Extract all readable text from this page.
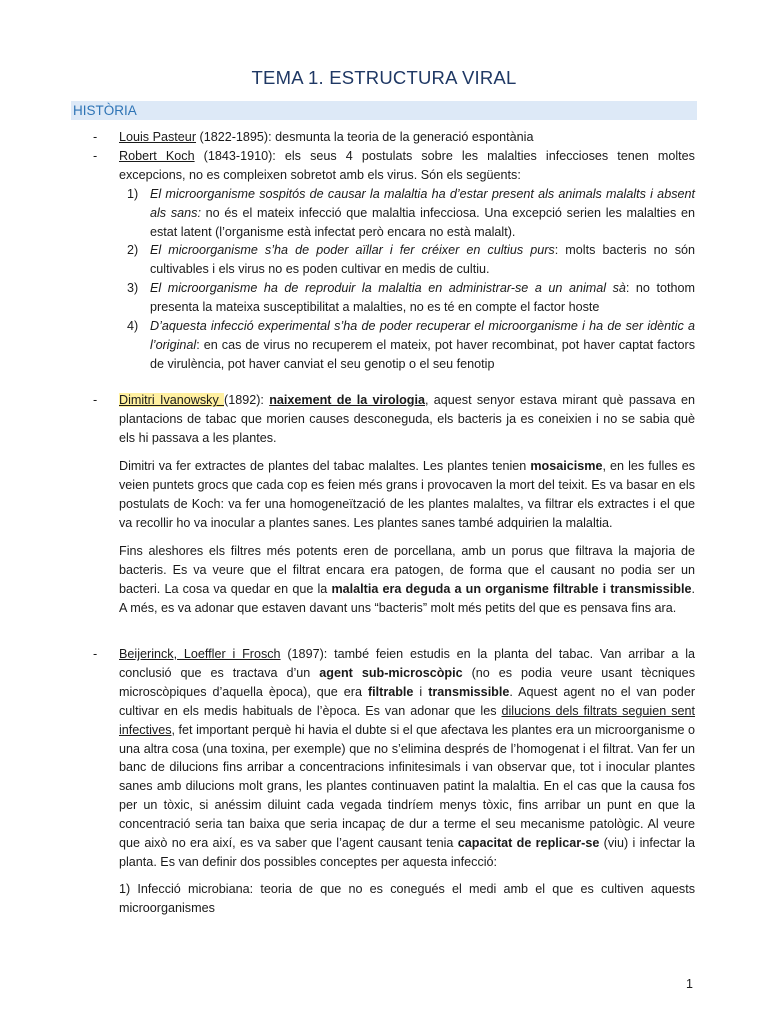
TEMA 1. ESTRUCTURA VIRAL
HISTÒRIA
-	Louis Pasteur (1822-1895): desmunta la teoria de la generació espontània
-	Robert Koch (1843-1910): els seus 4 postulats sobre les malalties infeccioses tenen moltes excepcions, no es compleixen sobretot amb els virus. Són els següents:
1) El microorganisme sospitós de causar la malaltia ha d’estar present als animals malalts i absent als sans: no és el mateix infecció que malaltia infecciosa. Una excepció serien les malalties en estat latent (l’organisme està infectat però encara no està malalt).
2) El microorganisme s’ha de poder aïllar i fer créixer en cultius purs: molts bacteris no són cultivables i els virus no es poden cultivar en medis de cultiu.
3) El microorganisme ha de reproduir la malaltia en administrar-se a un animal sà: no tothom presenta la mateixa susceptibilitat a malalties, no es té en compte el factor hoste
4) D’aquesta infecció experimental s’ha de poder recuperar el microorganisme i ha de ser idèntic a l’original: en cas de virus no recuperem el mateix, pot haver recombinat, pot haver captat factors de virulència, pot haver canviat el seu genotip o el seu fenotip
-	Dimitri Ivanowsky (1892): naixement de la virologia, aquest senyor estava mirant què passava en plantacions de tabac que morien causes desconeguda, els bacteris ja es coneixien i no se sabia què els hi passava a les plantes.
Dimitri va fer extractes de plantes del tabac malaltes. Les plantes tenien mosaicisme, en les fulles es veien puntets grocs que cada cop es feien més grans i provocaven la mort del teixit. Es va basar en els postulats de Koch: va fer una homogeneïtzació de les plantes malaltes, va filtrar els extractes i el que va recollir ho va inocular a plantes sanes. Les plantes sanes també adquirien la malaltia.
Fins aleshores els filtres més potents eren de porcellana, amb un porus que filtrava la majoria de bacteris. Es va veure que el filtrat encara era patogen, de forma que el causant no podia ser un bacteri. La cosa va quedar en que la malaltia era deguda a un organisme filtrable i transmissible. A més, es va adonar que estaven davant uns “bacteris” molt més petits del que es pensava fins ara.
-	Beijerinck, Loeffler i Frosch (1897): també feien estudis en la planta del tabac. Van arribar a la conclusió que es tractava d’un agent sub-microscòpic (no es podia veure usant tècniques microscòpiques d’aquella època), que era filtrable i transmissible. Aquest agent no el van poder cultivar en els medis habituals de l’època. Es van adonar que les dilucions dels filtrats seguien sent infectives, fet important perquè hi havia el dubte si el que afectava les plantes era un microorganisme o una altra cosa (una toxina, per exemple) que no s’elimina després de l’homogenat i el filtrat. Van fer un banc de dilucions fins arribar a concentracions infinitesimals i van observar que, tot i inocular plantes sanes amb dilucions molt grans, les plantes continuaven patint la malaltia. En el cas que la causa fos per un tòxic, si anéssim diluint cada vegada tindríem menys tòxic, fins arribar un punt en que la concentració seria tan baixa que seria incapaç de dur a terme el seu mecanisme patològic. Al veure que això no era així, es va saber que l’agent causant tenia capacitat de replicar-se (viu) i infectar la planta. Es van definir dos possibles conceptes per aquesta infecció:
1) Infecció microbiana: teoria de que no es conegués el medi amb el que es cultiven aquests microorganismes
1
